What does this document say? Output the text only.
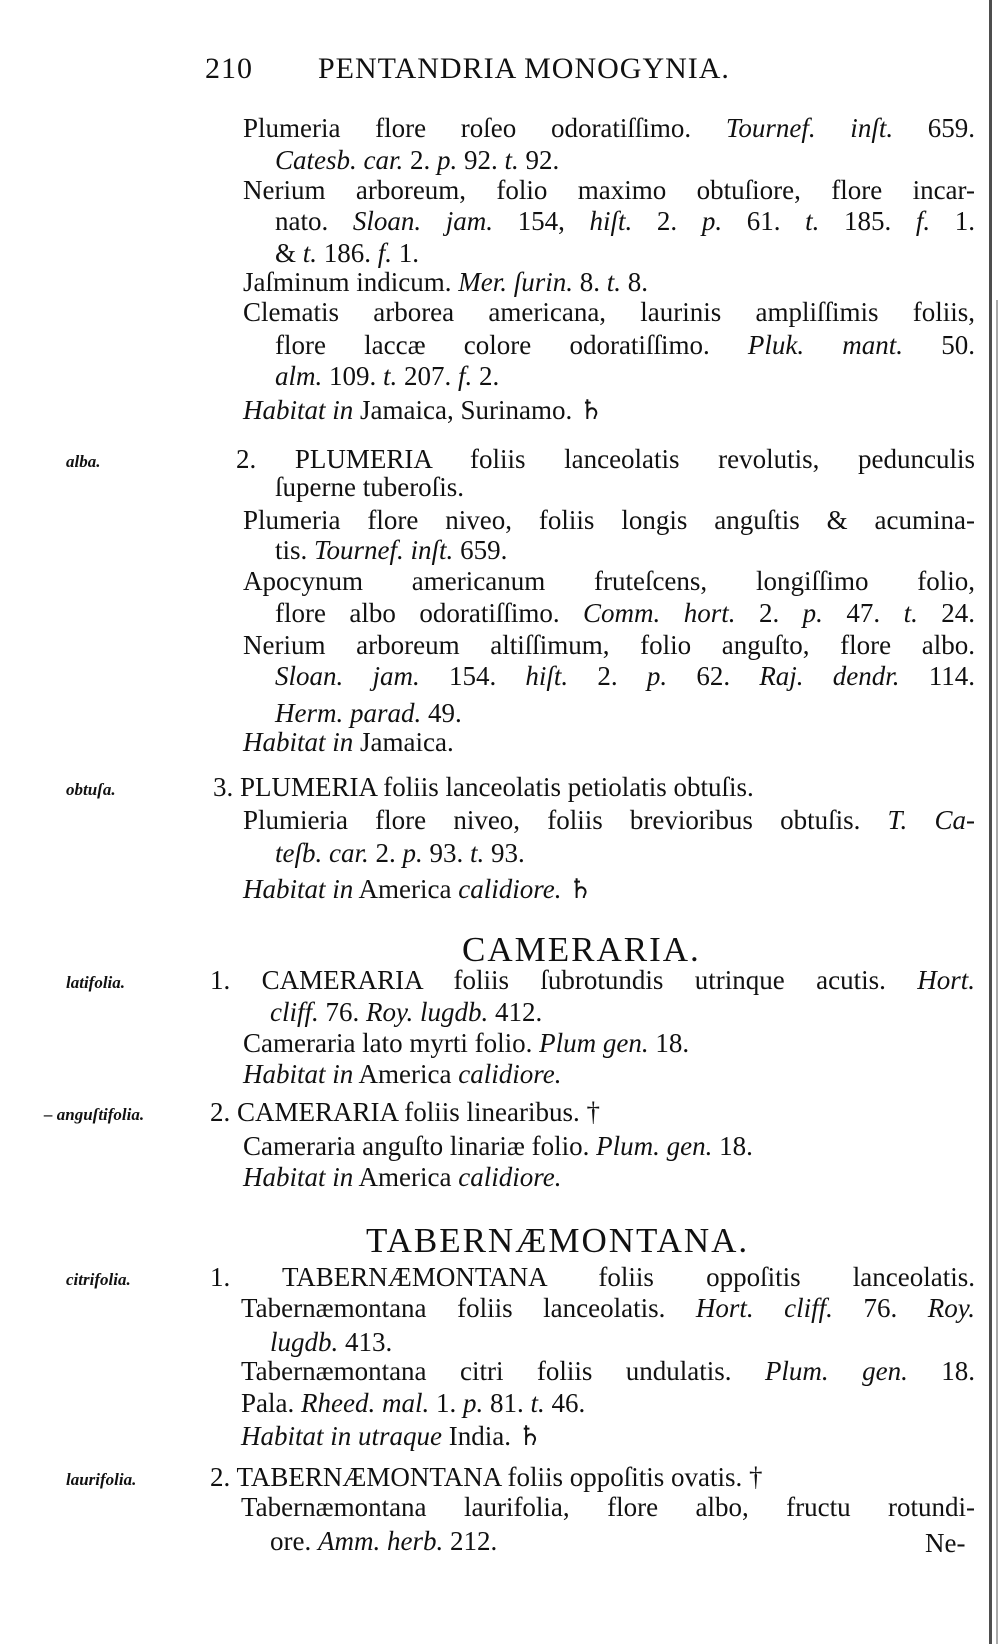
210 PENTANDRIA MONOGYNIA.
CAMERARIA.
TABERNÆMONTANA.
alba.
obtuſa.
latifolia.
– anguſtifolia.
citrifolia.
laurifolia.
Ne-
Plumeria flore roſeo odoratiſſimo. Tournef. inſt. 659.
Catesb. car. 2. p. 92. t. 92.
Nerium arboreum, folio maximo obtuſiore, flore incar-
nato. Sloan. jam. 154, hiſt. 2. p. 61. t. 185. f. 1.
& t. 186. f. 1.
Jaſminum indicum. Mer. ſurin. 8. t. 8.
Clematis arborea americana, laurinis ampliſſimis foliis,
flore laccæ colore odoratiſſimo. Pluk. mant. 50.
alm. 109. t. 207. f. 2.
Habitat in Jamaica, Surinamo. ♄
2. PLUMERIA foliis lanceolatis revolutis, pedunculis
ſuperne tuberoſis.
Plumeria flore niveo, foliis longis anguſtis & acumina-
tis. Tournef. inſt. 659.
Apocynum americanum fruteſcens, longiſſimo folio,
flore albo odoratiſſimo. Comm. hort. 2. p. 47. t. 24.
Nerium arboreum altiſſimum, folio anguſto, flore albo.
Sloan. jam. 154. hiſt. 2. p. 62. Raj. dendr. 114.
Herm. parad. 49.
Habitat in Jamaica.
3. PLUMERIA foliis lanceolatis petiolatis obtuſis.
Plumieria flore niveo, foliis brevioribus obtuſis. T. Ca-
teſb. car. 2. p. 93. t. 93.
Habitat in America calidiore. ♄
1. CAMERARIA foliis ſubrotundis utrinque acutis. Hort.
cliff. 76. Roy. lugdb. 412.
Cameraria lato myrti folio. Plum gen. 18.
Habitat in America calidiore.
2. CAMERARIA foliis linearibus. †
Cameraria anguſto linariæ folio. Plum. gen. 18.
Habitat in America calidiore.
1. TABERNÆMONTANA foliis oppoſitis lanceolatis.
Tabernæmontana foliis lanceolatis. Hort. cliff. 76. Roy.
lugdb. 413.
Tabernæmontana citri foliis undulatis. Plum. gen. 18.
Pala. Rheed. mal. 1. p. 81. t. 46.
Habitat in utraque India. ♄
2. TABERNÆMONTANA foliis oppoſitis ovatis. †
Tabernæmontana laurifolia, flore albo, fructu rotundi-
ore. Amm. herb. 212.
